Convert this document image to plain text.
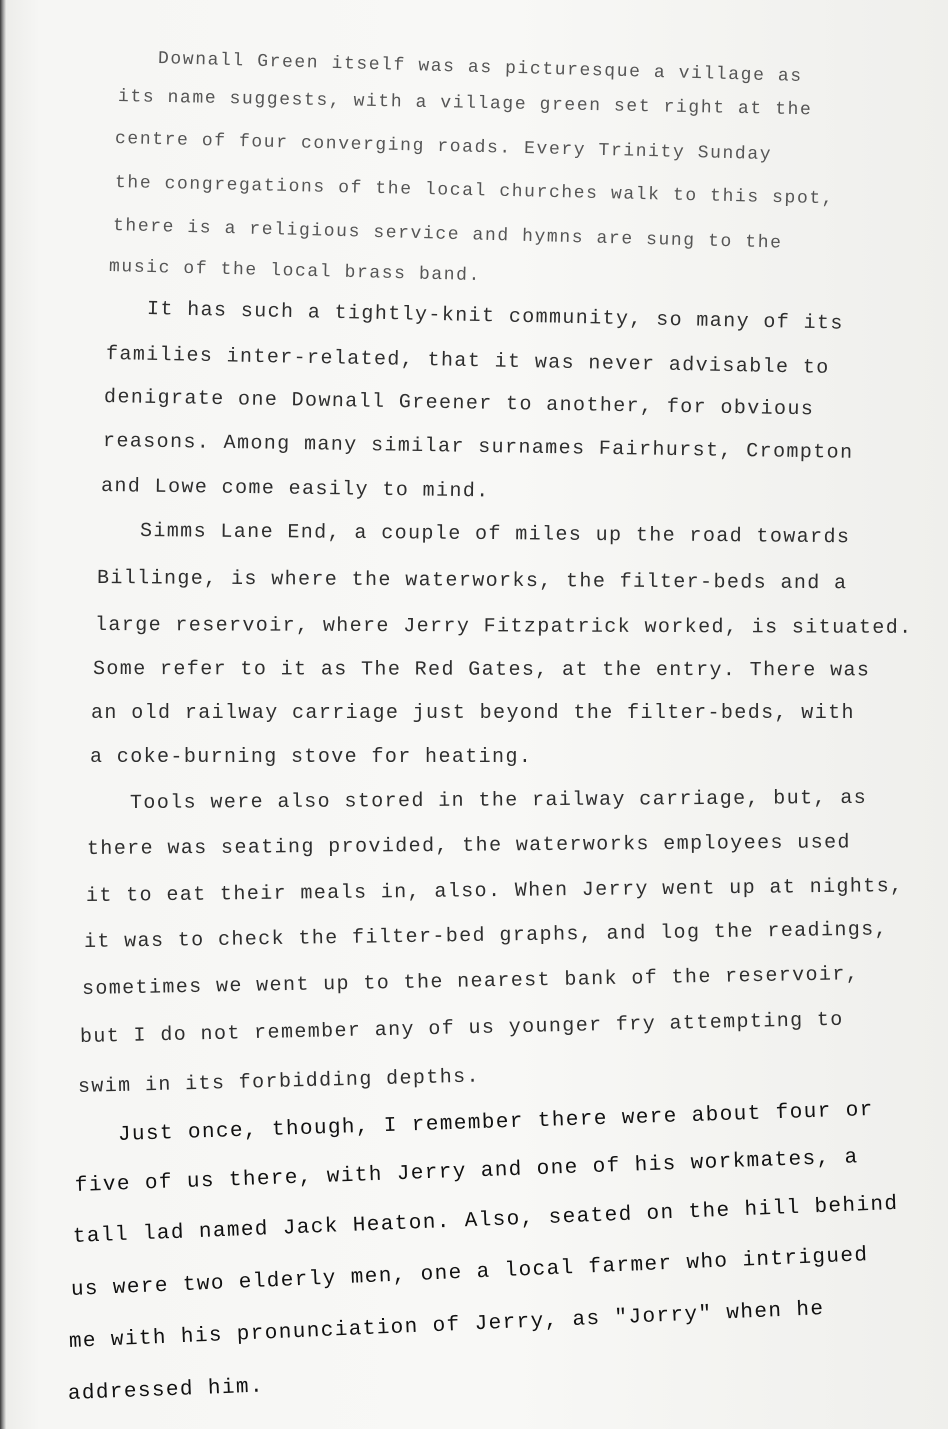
Downall Green itself was as picturesque a village as
its name suggests, with a village green set right at the
centre of four converging roads. Every Trinity Sunday
the congregations of the local churches walk to this spot,
there is a religious service and hymns are sung to the
music of the local brass band.
It has such a tightly-knit community, so many of its
families inter-related, that it was never advisable to
denigrate one Downall Greener to another, for obvious
reasons. Among many similar surnames Fairhurst, Crompton
and Lowe come easily to mind.
Simms Lane End, a couple of miles up the road towards
Billinge, is where the waterworks, the filter-beds and a
large reservoir, where Jerry Fitzpatrick worked, is situated.
Some refer to it as The Red Gates, at the entry. There was
an old railway carriage just beyond the filter-beds, with
a coke-burning stove for heating.
Tools were also stored in the railway carriage, but, as
there was seating provided, the waterworks employees used
it to eat their meals in, also. When Jerry went up at nights,
it was to check the filter-bed graphs, and log the readings,
sometimes we went up to the nearest bank of the reservoir,
but I do not remember any of us younger fry attempting to
swim in its forbidding depths.
Just once, though, I remember there were about four or
five of us there, with Jerry and one of his workmates, a
tall lad named Jack Heaton. Also, seated on the hill behind
us were two elderly men, one a local farmer who intrigued
me with his pronunciation of Jerry, as "Jorry" when he
addressed him.
